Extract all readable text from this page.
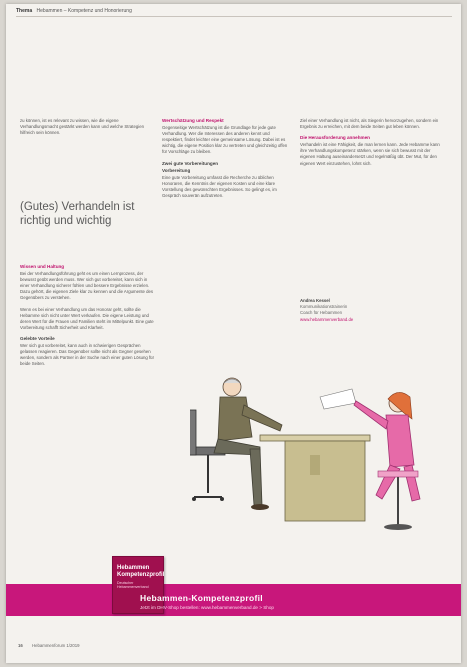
Thema Hebammen – Kompetenz und Honorierung

zu können, ist es relevant zu wissen, wie die eigene Verhandlungsmacht gestärkt werden kann und welche Strategien hilfreich sein können.

(Gutes) Verhandeln ist richtig und wichtig
Wissen und Haltung

Bei der Verhandlungsführung geht es um einen Lernprozess, der bewusst geübt werden muss. Wer sich gut vorbereitet, kann sich in einer Verhandlung sicherer fühlen und bessere Ergebnisse erzielen. Dazu gehört, die eigenen Ziele klar zu kennen und die Argumente des Gegenübers zu verstehen.

Wenn es bei einer Verhandlung um das Honorar geht, sollte die Hebamme sich nicht unter Wert verkaufen. Die eigene Leistung und deren Wert für die Frauen und Familien steht im Mittelpunkt. Eine gute Vorbereitung schafft Sicherheit und Klarheit.

Gelebte Vorteile

Wer sich gut vorbereitet, kann auch in schwierigen Gesprächen gelassen reagieren. Das Gegenüber sollte nicht als Gegner gesehen werden, sondern als Partner in der Suche nach einer guten Lösung für beide Seiten.

Wertschätzung und Respekt

Gegenseitige Wertschätzung ist die Grundlage für jede gute Verhandlung. Wer die Interessen des anderen kennt und respektiert, findet leichter eine gemeinsame Lösung. Dabei ist es wichtig, die eigene Position klar zu vertreten und gleichzeitig offen für Vorschläge zu bleiben.

Zwei gute Vorbereitungen
Vorbereitung

Eine gute Vorbereitung umfasst die Recherche zu üblichen Honoraren, die Kenntnis der eigenen Kosten und eine klare Vorstellung des gewünschten Ergebnisses. So gelingt es, im Gespräch souverän aufzutreten.

Ziel einer Verhandlung ist nicht, als Siegerin hervorzugehen, sondern ein Ergebnis zu erreichen, mit dem beide Seiten gut leben können.

Die Herausforderung annehmen

Verhandeln ist eine Fähigkeit, die man lernen kann. Jede Hebamme kann ihre Verhandlungskompetenz stärken, wenn sie sich bewusst mit der eigenen Haltung auseinandersetzt und regelmäßig übt. Der Mut, für den eigenen Wert einzustehen, lohnt sich.

Andrea Kessel
Kommunikationstrainerin
Coach für Hebammen
www.hebammenverband.de
Hebammen Kompetenzprofil
Deutscher Hebammenverband
Hebammen-Kompetenzprofil
Jetzt im DHV-Shop bestellen: www.hebammenverband.de > Shop
16 Hebammenforum 1/2019
